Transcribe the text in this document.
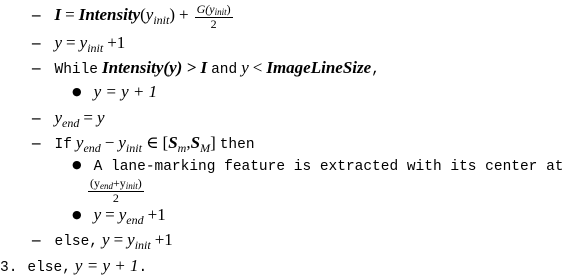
– $I = Intensity(y_{init}) + \frac{\text{G(yinit)}}{2}$
– $y = y_{init} +1$
– While Intensity(y) > I and y < ImageLineSize,
● y = y + 1
– $y_{end} = y$
– If $y_{end} - y_{init}$ ∈ $[S_m,S_M]$ then
● A lane-marking feature is extracted with its center at
$\frac{\text{(yend+yinit)}}{2}$
● $y = y_{end} +1$
– else, $y = y_{init} +1$
3. else, y = y + 1.
